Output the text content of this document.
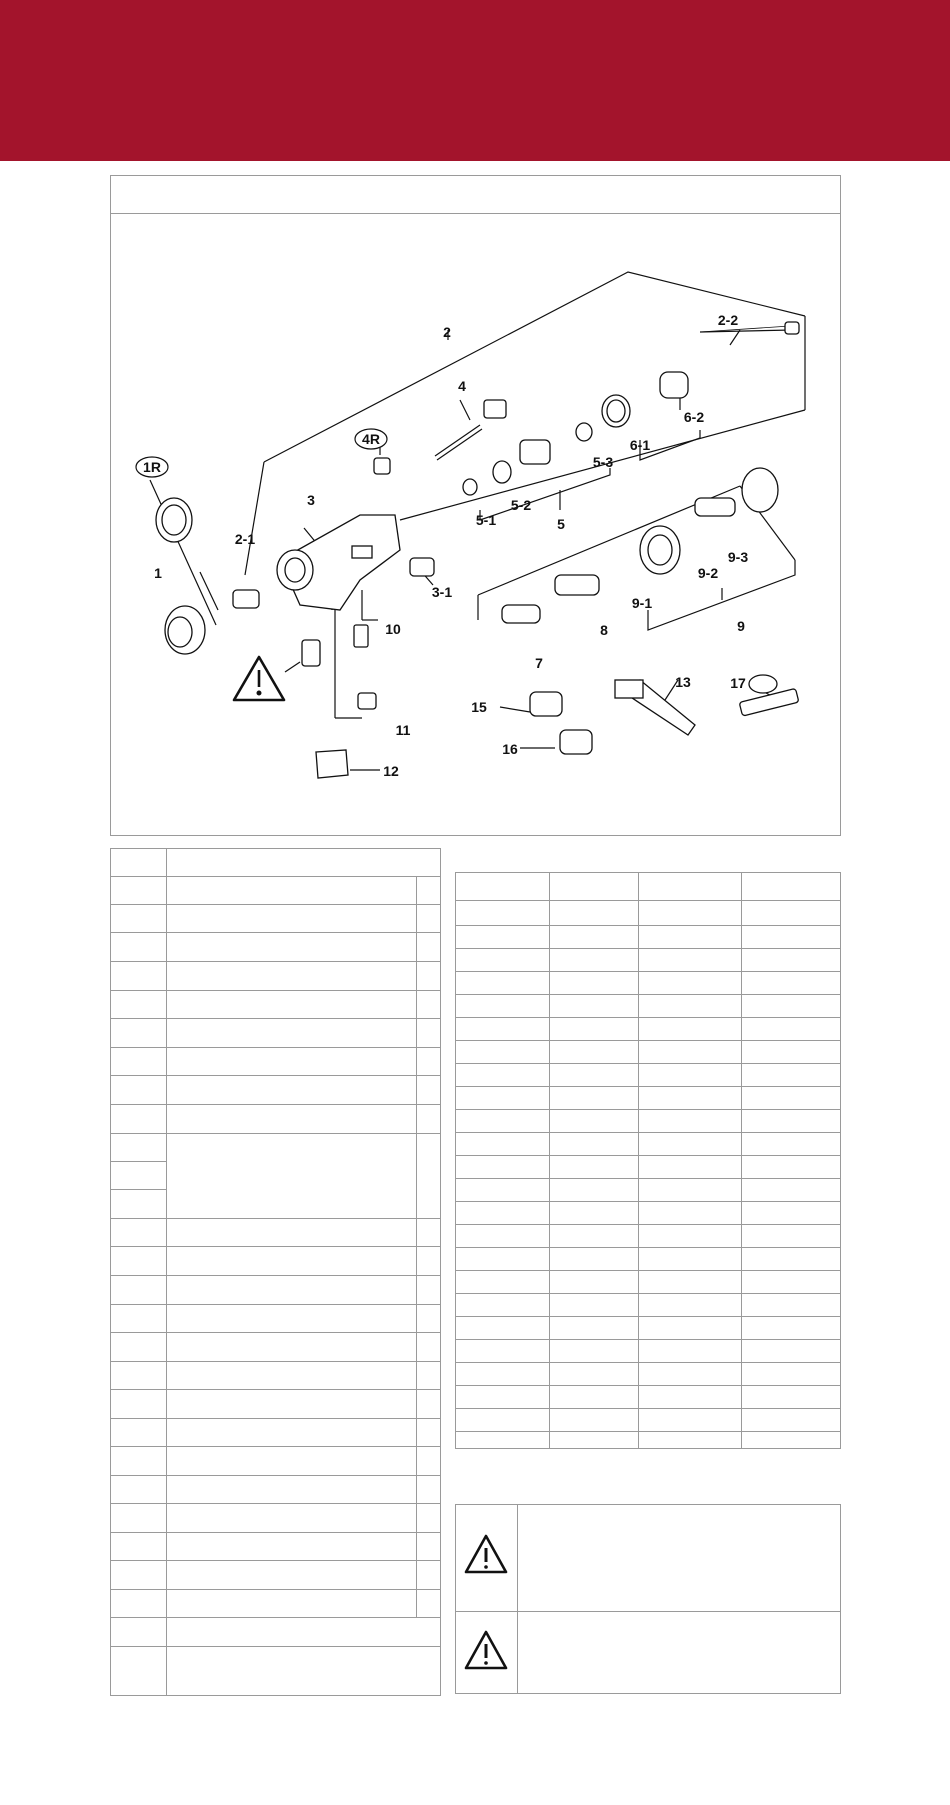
2
2-2
4
6-2
4R	6-1
5-3
1R
3	5-2
2-1
5-1	5
9-3
3-1
9-2
1
9-1
8	9
10
7
11
15
13	17
12
16
